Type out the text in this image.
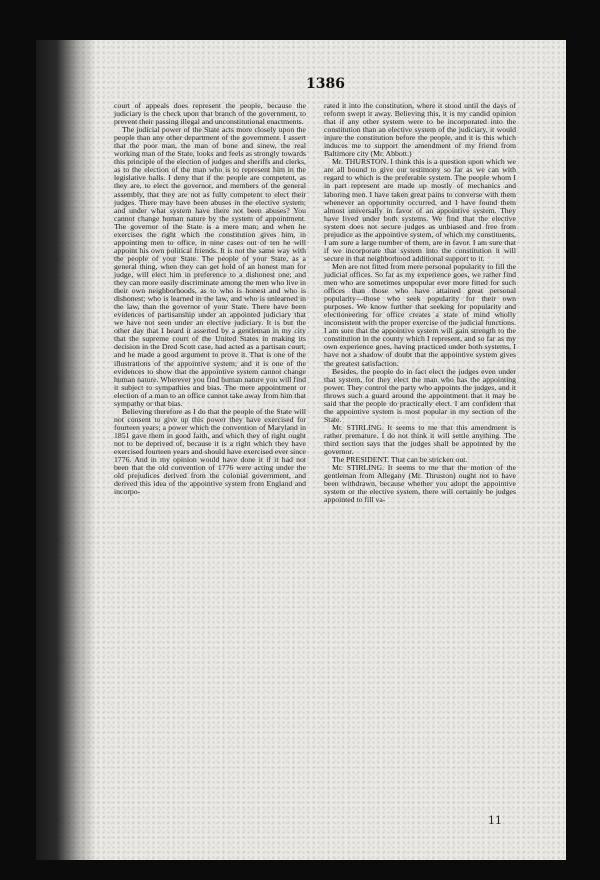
1386

court of appeals does represent the people, because the judiciary is the check upon that branch of the government, to prevent their passing illegal and unconstitutional enactments.

The judicial power of the State acts more closely upon the people than any other department of the government. I assert that the poor man, the man of bone and sinew, the real working man of the State, looks and feels as strongly towards this principle of the election of judges and sheriffs and clerks, as to the election of the man who is to represent him in the legislative halls. I deny that if the people are competent, as they are, to elect the governor, and members of the general assembly, that they are not as fully competent to elect their judges. There may have been abuses in the elective system; and under what system have there not been abuses? You cannot change human nature by the system of appointment. The governor of the State is a mere man; and when he exercises the right which the constitution gives him, in appointing men to office, in nine cases out of ten he will appoint his own political friends. It is not the same way with the people of your State. The people of your State, as a general thing, when they can get hold of an honest man for judge, will elect him in preference to a dishonest one; and they can more easily discriminate among the men who live in their own neighborhoods, as to who is honest and who is dishonest; who is learned in the law, and who is unlearned in the law, than the governor of your State. There have been evidences of partisanship under an appointed judiciary that we have not seen under an elective judiciary. It is but the other day that I heard it asserted by a gentleman in my city that the supreme court of the United States in making its decision in the Dred Scott case, had acted as a partisan court; and he made a good argument to prove it. That is one of the illustrations of the appointive system; and it is one of the evidences to show that the appointive system cannot change human nature. Wherever you find human nature you will find it subject to sympathies and bias. The mere appointment or election of a man to an office cannot take away from him that sympathy or that bias.

Believing therefore as I do that the people of the State will not consent to give up this power they have exercised for fourteen years; a power which the convention of Maryland in 1851 gave them in good faith, and which they of right ought not to be deprived of, because it is a right which they have exercised fourteen years and should have exercised ever since 1776. And in my opinion would have done it if it had not been that the old convention of 1776 were acting under the old prejudices derived from the colonial government, and derived this idea of the appointive system from England and incorpo-

rated it into the constitution, where it stood until the days of reform swept it away. Believing this, it is my candid opinion that if any other system were to be incorporated into the constitution than an elective system of the judiciary, it would injure the constitution before the people, and it is this which induces me to support the amendment of my friend from Baltimore city (Mr. Abbott.)

Mr. THURSTON. I think this is a question upon which we are all bound to give our testimony so far as we can with regard to which is the preferable system. The people whom I in part represent are made up mostly of mechanics and laboring men. I have taken great pains to converse with them whenever an opportunity occurred, and I have found them almost universally in favor of an appointive system. They have lived under both systems. We find that the elective system does not secure judges as unbiased and free from prejudice as the appointive system, of which my constituents, I am sure a large number of them, are in favor. I am sure that if we incorporate that system into the constitution it will secure in that neighborhood additional support to it.

Men are not fitted from mere personal popularity to fill the judicial offices. So far as my experience goes, we rather find men who are sometimes unpopular ever more fitted for such offices than those who have attained great personal popularity—those who seek popularity for their own purposes. We know further that seeking for popularity and electioneering for office creates a state of mind wholly inconsistent with the proper exercise of the judicial functions. I am sure that the appointive system will gain strength to the constitution in the county which I represent, and so far as my own experience goes, having practiced under both systems, I have not a shadow of doubt that the appointive system gives the greatest satisfaction.

Besides, the people do in fact elect the judges even under that system, for they elect the man who has the appointing power. They control the party who appoints the judges, and it throws such a guard around the appointment that it may be said that the people do practically elect. I am confident that the appointive system is most popular in my section of the State.

Mr. STIRLING. It seems to me that this amendment is rather premature. I do not think it will settle anything. The third section says that the judges shall be appointed by the governor.

The PRESIDENT. That can be stricken out.

Mr. STIRLING. It seems to me that the motion of the gentleman from Allegany (Mr. Thruston) ought not to have been withdrawn, because whether you adopt the appointive system or the elective system, there will certainly be judges appointed to fill va-

11
